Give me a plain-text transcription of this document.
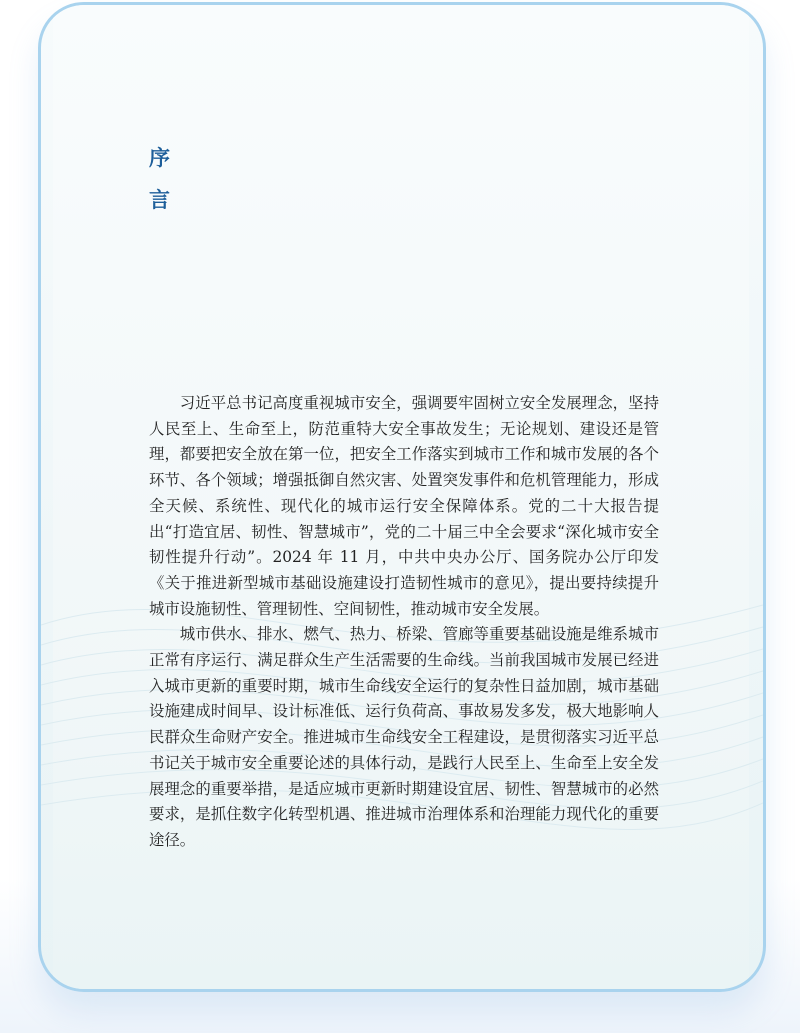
序
言

习近平总书记高度重视城市安全，强调要牢固树立安全发展理念，坚持人民至上、生命至上，防范重特大安全事故发生；无论规划、建设还是管理，都要把安全放在第一位，把安全工作落实到城市工作和城市发展的各个环节、各个领域；增强抵御自然灾害、处置突发事件和危机管理能力，形成全天候、系统性、现代化的城市运行安全保障体系。党的二十大报告提出“打造宜居、韧性、智慧城市”，党的二十届三中全会要求“深化城市安全韧性提升行动”。2024 年 11 月，中共中央办公厅、国务院办公厅印发《关于推进新型城市基础设施建设打造韧性城市的意见》，提出要持续提升城市设施韧性、管理韧性、空间韧性，推动城市安全发展。

城市供水、排水、燃气、热力、桥梁、管廊等重要基础设施是维系城市正常有序运行、满足群众生产生活需要的生命线。当前我国城市发展已经进入城市更新的重要时期，城市生命线安全运行的复杂性日益加剧，城市基础设施建成时间早、设计标准低、运行负荷高、事故易发多发，极大地影响人民群众生命财产安全。推进城市生命线安全工程建设，是贯彻落实习近平总书记关于城市安全重要论述的具体行动，是践行人民至上、生命至上安全发展理念的重要举措，是适应城市更新时期建设宜居、韧性、智慧城市的必然要求，是抓住数字化转型机遇、推进城市治理体系和治理能力现代化的重要途径。
